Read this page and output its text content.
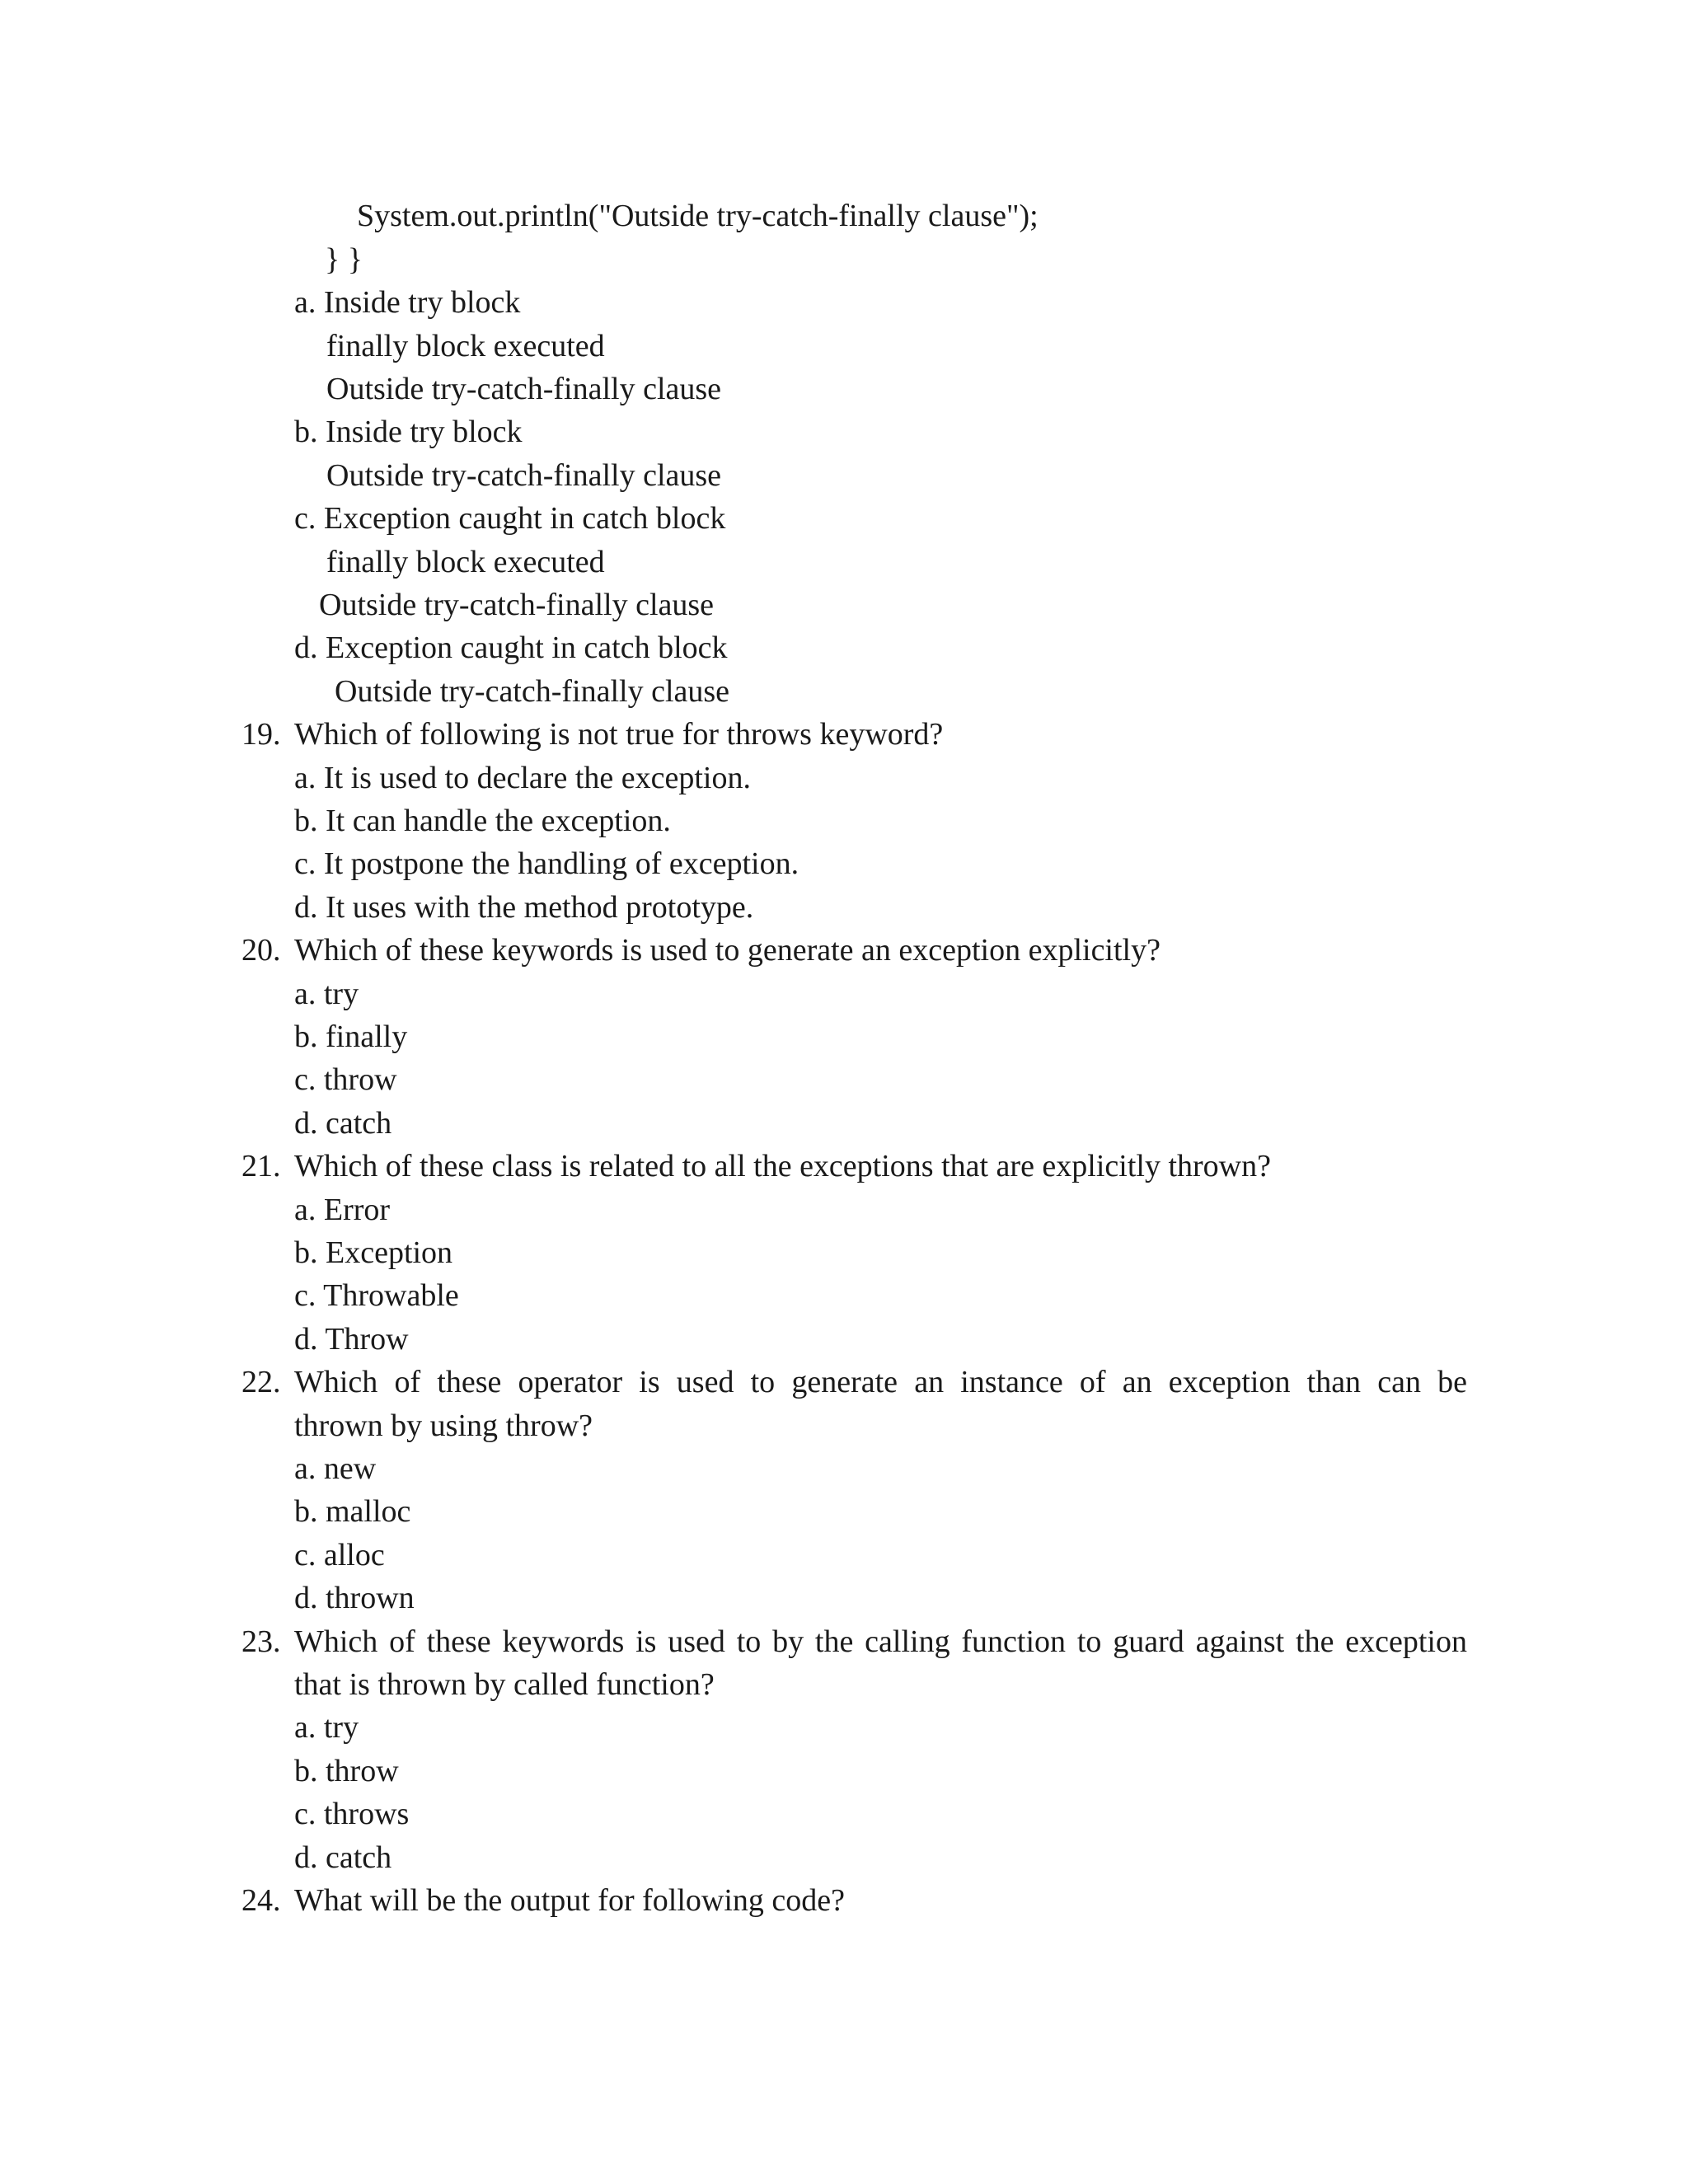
System.out.println("Outside try-catch-finally clause");
} }
a. Inside try block
finally block executed
Outside try-catch-finally clause
b. Inside try block
Outside try-catch-finally clause
c. Exception caught in catch block
finally block executed
Outside try-catch-finally clause
d. Exception caught in catch block
Outside try-catch-finally clause
19. Which of following is not true for throws keyword?
a. It is used to declare the exception.
b. It can handle the exception.
c. It postpone the handling of exception.
d. It uses with the method prototype.
20. Which of these keywords is used to generate an exception explicitly?
a. try
b. finally
c. throw
d. catch
21. Which of these class is related to all the exceptions that are explicitly thrown?
a. Error
b. Exception
c. Throwable
d. Throw
22. Which of these operator is used to generate an instance of an exception than can be
thrown by using throw?
a. new
b. malloc
c. alloc
d. thrown
23. Which of these keywords is used to by the calling function to guard against the exception
that is thrown by called function?
a. try
b. throw
c. throws
d. catch
24. What will be the output for following code?
